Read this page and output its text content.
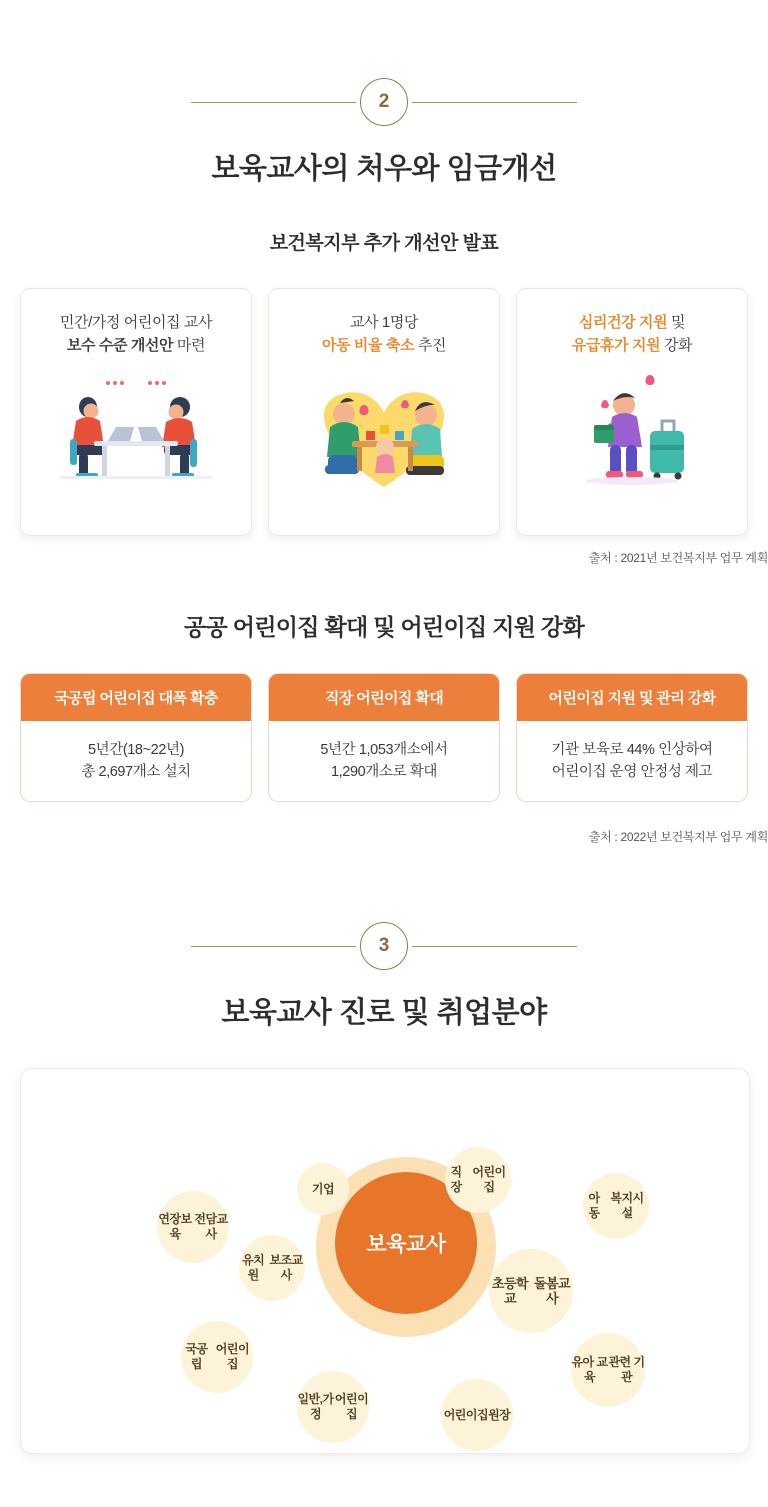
2
보육교사의 처우와 임금개선
보건복지부 추가 개선안 발표
민간/가정 어린이집 교사
보수 수준 개선안 마련
교사 1명당
아동 비율 축소 추진
심리건강 지원 및
유급휴가 지원 강화
출처 : 2021년 보건복지부 업무 계획
공공 어린이집 확대 및 어린이집 지원 강화
국공립 어린이집 대폭 확충
5년간(18~22년)
총 2,697개소 설치
직장 어린이집 확대
5년간 1,053개소에서
1,290개소로 확대
어린이집 지원 및 관리 강화
기관 보육로 44% 인상하여
어린이집 운영 안정성 제고
출처 : 2022년 보건복지부 업무 계획
3
보육교사 진로 및 취업분야
보육교사
기업
직장
어린이집
연장보육
전담교사
아동
복지시설
유치원
보조교사
초등학교
돌봄교사
국공립
어린이집
일반,가정
어린이집	어린이집 원장
유아 교육
관련 기관
